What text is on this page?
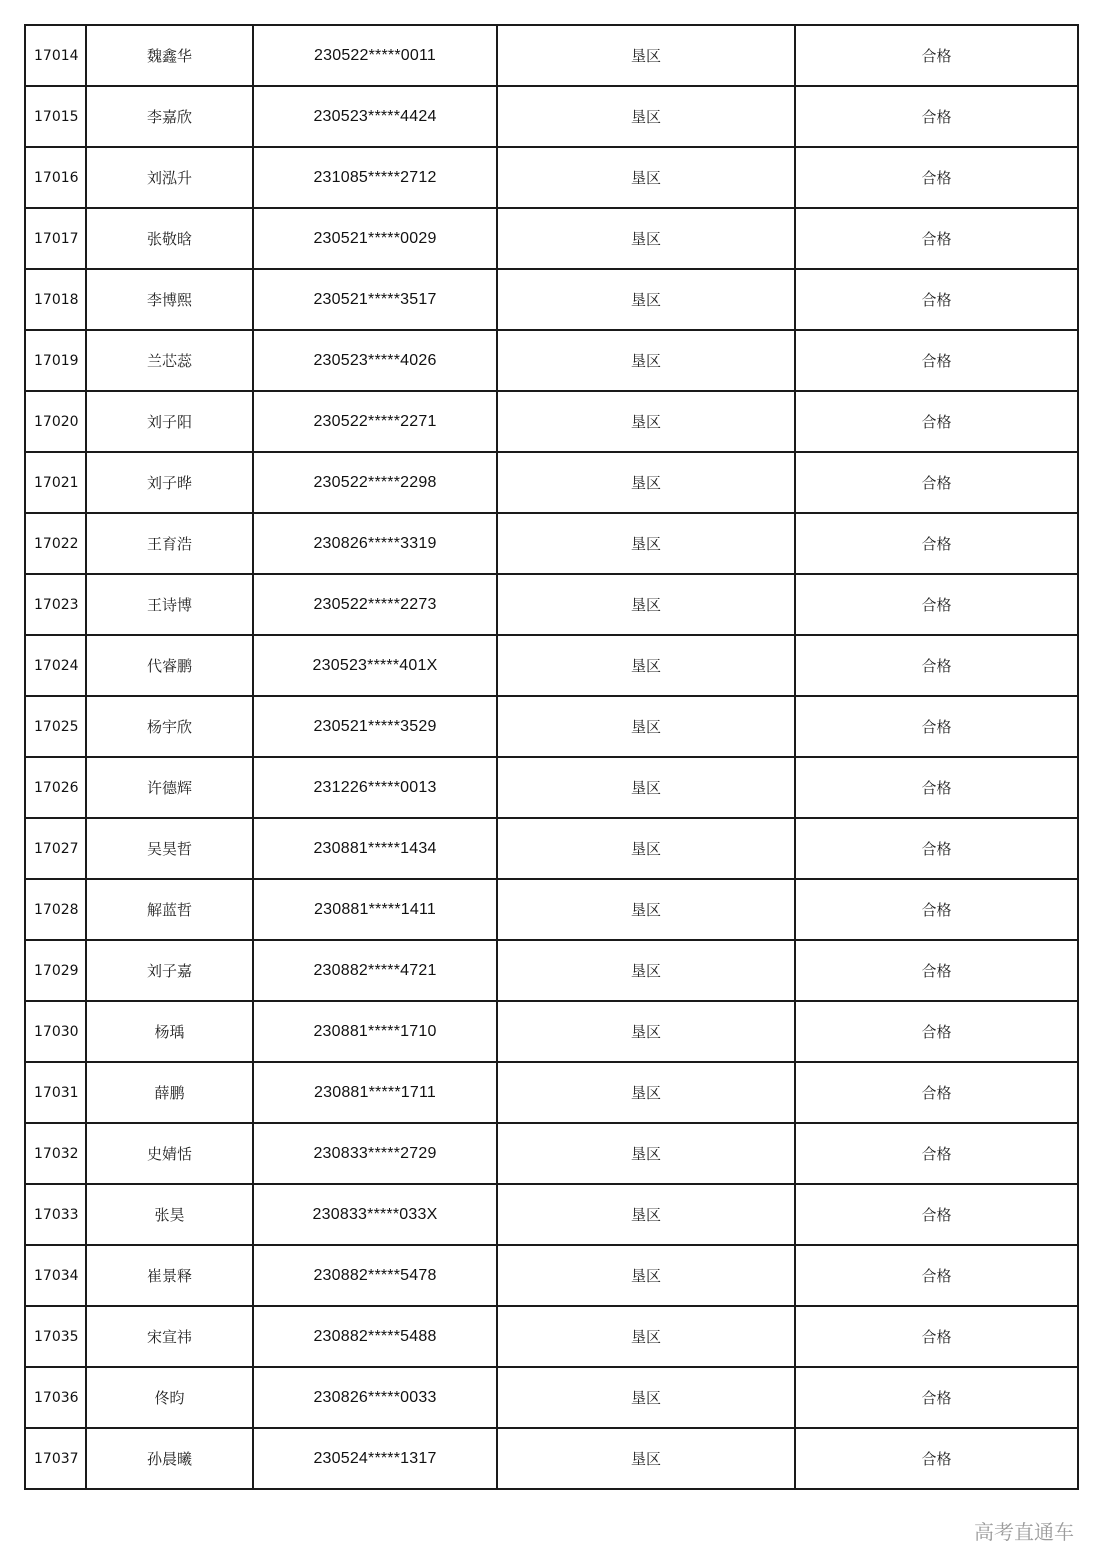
17014	魏鑫华	230522*****0011	垦区	合格
17015	李嘉欣	230523*****4424	垦区	合格
17016	刘泓升	231085*****2712	垦区	合格
17017	张敬晗	230521*****0029	垦区	合格
17018	李博熙	230521*****3517	垦区	合格
17019	兰芯蕊	230523*****4026	垦区	合格
17020	刘子阳	230522*****2271	垦区	合格
17021	刘子晔	230522*****2298	垦区	合格
17022	王育浩	230826*****3319	垦区	合格
17023	王诗博	230522*****2273	垦区	合格
17024	代睿鹏	230523*****401X	垦区	合格
17025	杨宇欣	230521*****3529	垦区	合格
17026	许德辉	231226*****0013	垦区	合格
17027	吴昊哲	230881*****1434	垦区	合格
17028	解蓝哲	230881*****1411	垦区	合格
17029	刘子嘉	230882*****4721	垦区	合格
17030	杨瑀	230881*****1710	垦区	合格
17031	薛鹏	230881*****1711	垦区	合格
17032	史婧恬	230833*****2729	垦区	合格
17033	张昊	230833*****033X	垦区	合格
17034	崔景释	230882*****5478	垦区	合格
17035	宋宣祎	230882*****5488	垦区	合格
17036	佟昀	230826*****0033	垦区	合格
17037	孙晨曦	230524*****1317	垦区	合格
高考直通车
